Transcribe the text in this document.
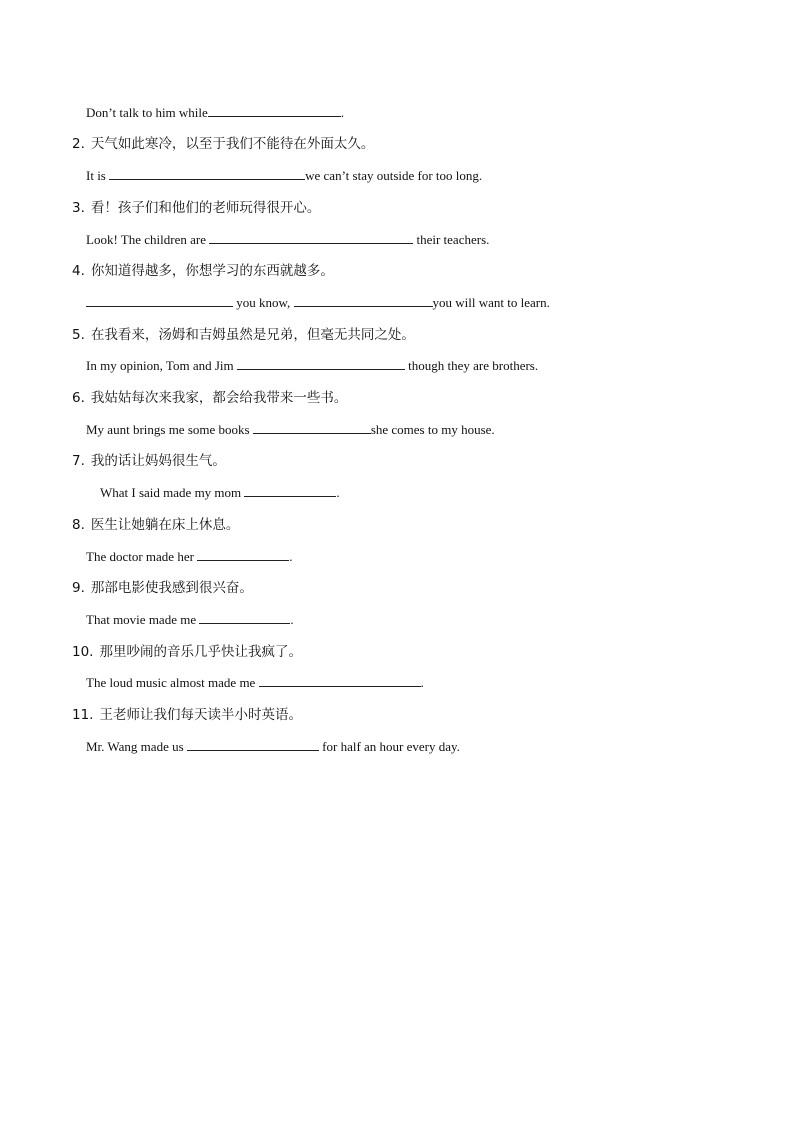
Don’t talk to him while	.
2. 天气如此寒冷，以至于我们不能待在外面太久。
It is	we can’t stay outside for too long.
3. 看！孩子们和他们的老师玩得很开心。
Look! The children are	their teachers.
4. 你知道得越多，你想学习的东西就越多。
you know,	you will want to learn.
5. 在我看来，汤姆和吉姆虽然是兄弟，但毫无共同之处。
In my opinion, Tom and Jim	though they are brothers.
6. 我姑姑每次来我家，都会给我带来一些书。
My aunt brings me some books	she comes to my house.
7. 我的话让妈妈很生气。
What I said made my mom	.
8. 医生让她躺在床上休息。
The doctor made her	.
9. 那部电影使我感到很兴奋。
That movie made me	.
10. 那里吵闹的音乐几乎快让我疯了。
The loud music almost made me	.
11. 王老师让我们每天读半小时英语。
Mr. Wang made us	for half an hour every day.
